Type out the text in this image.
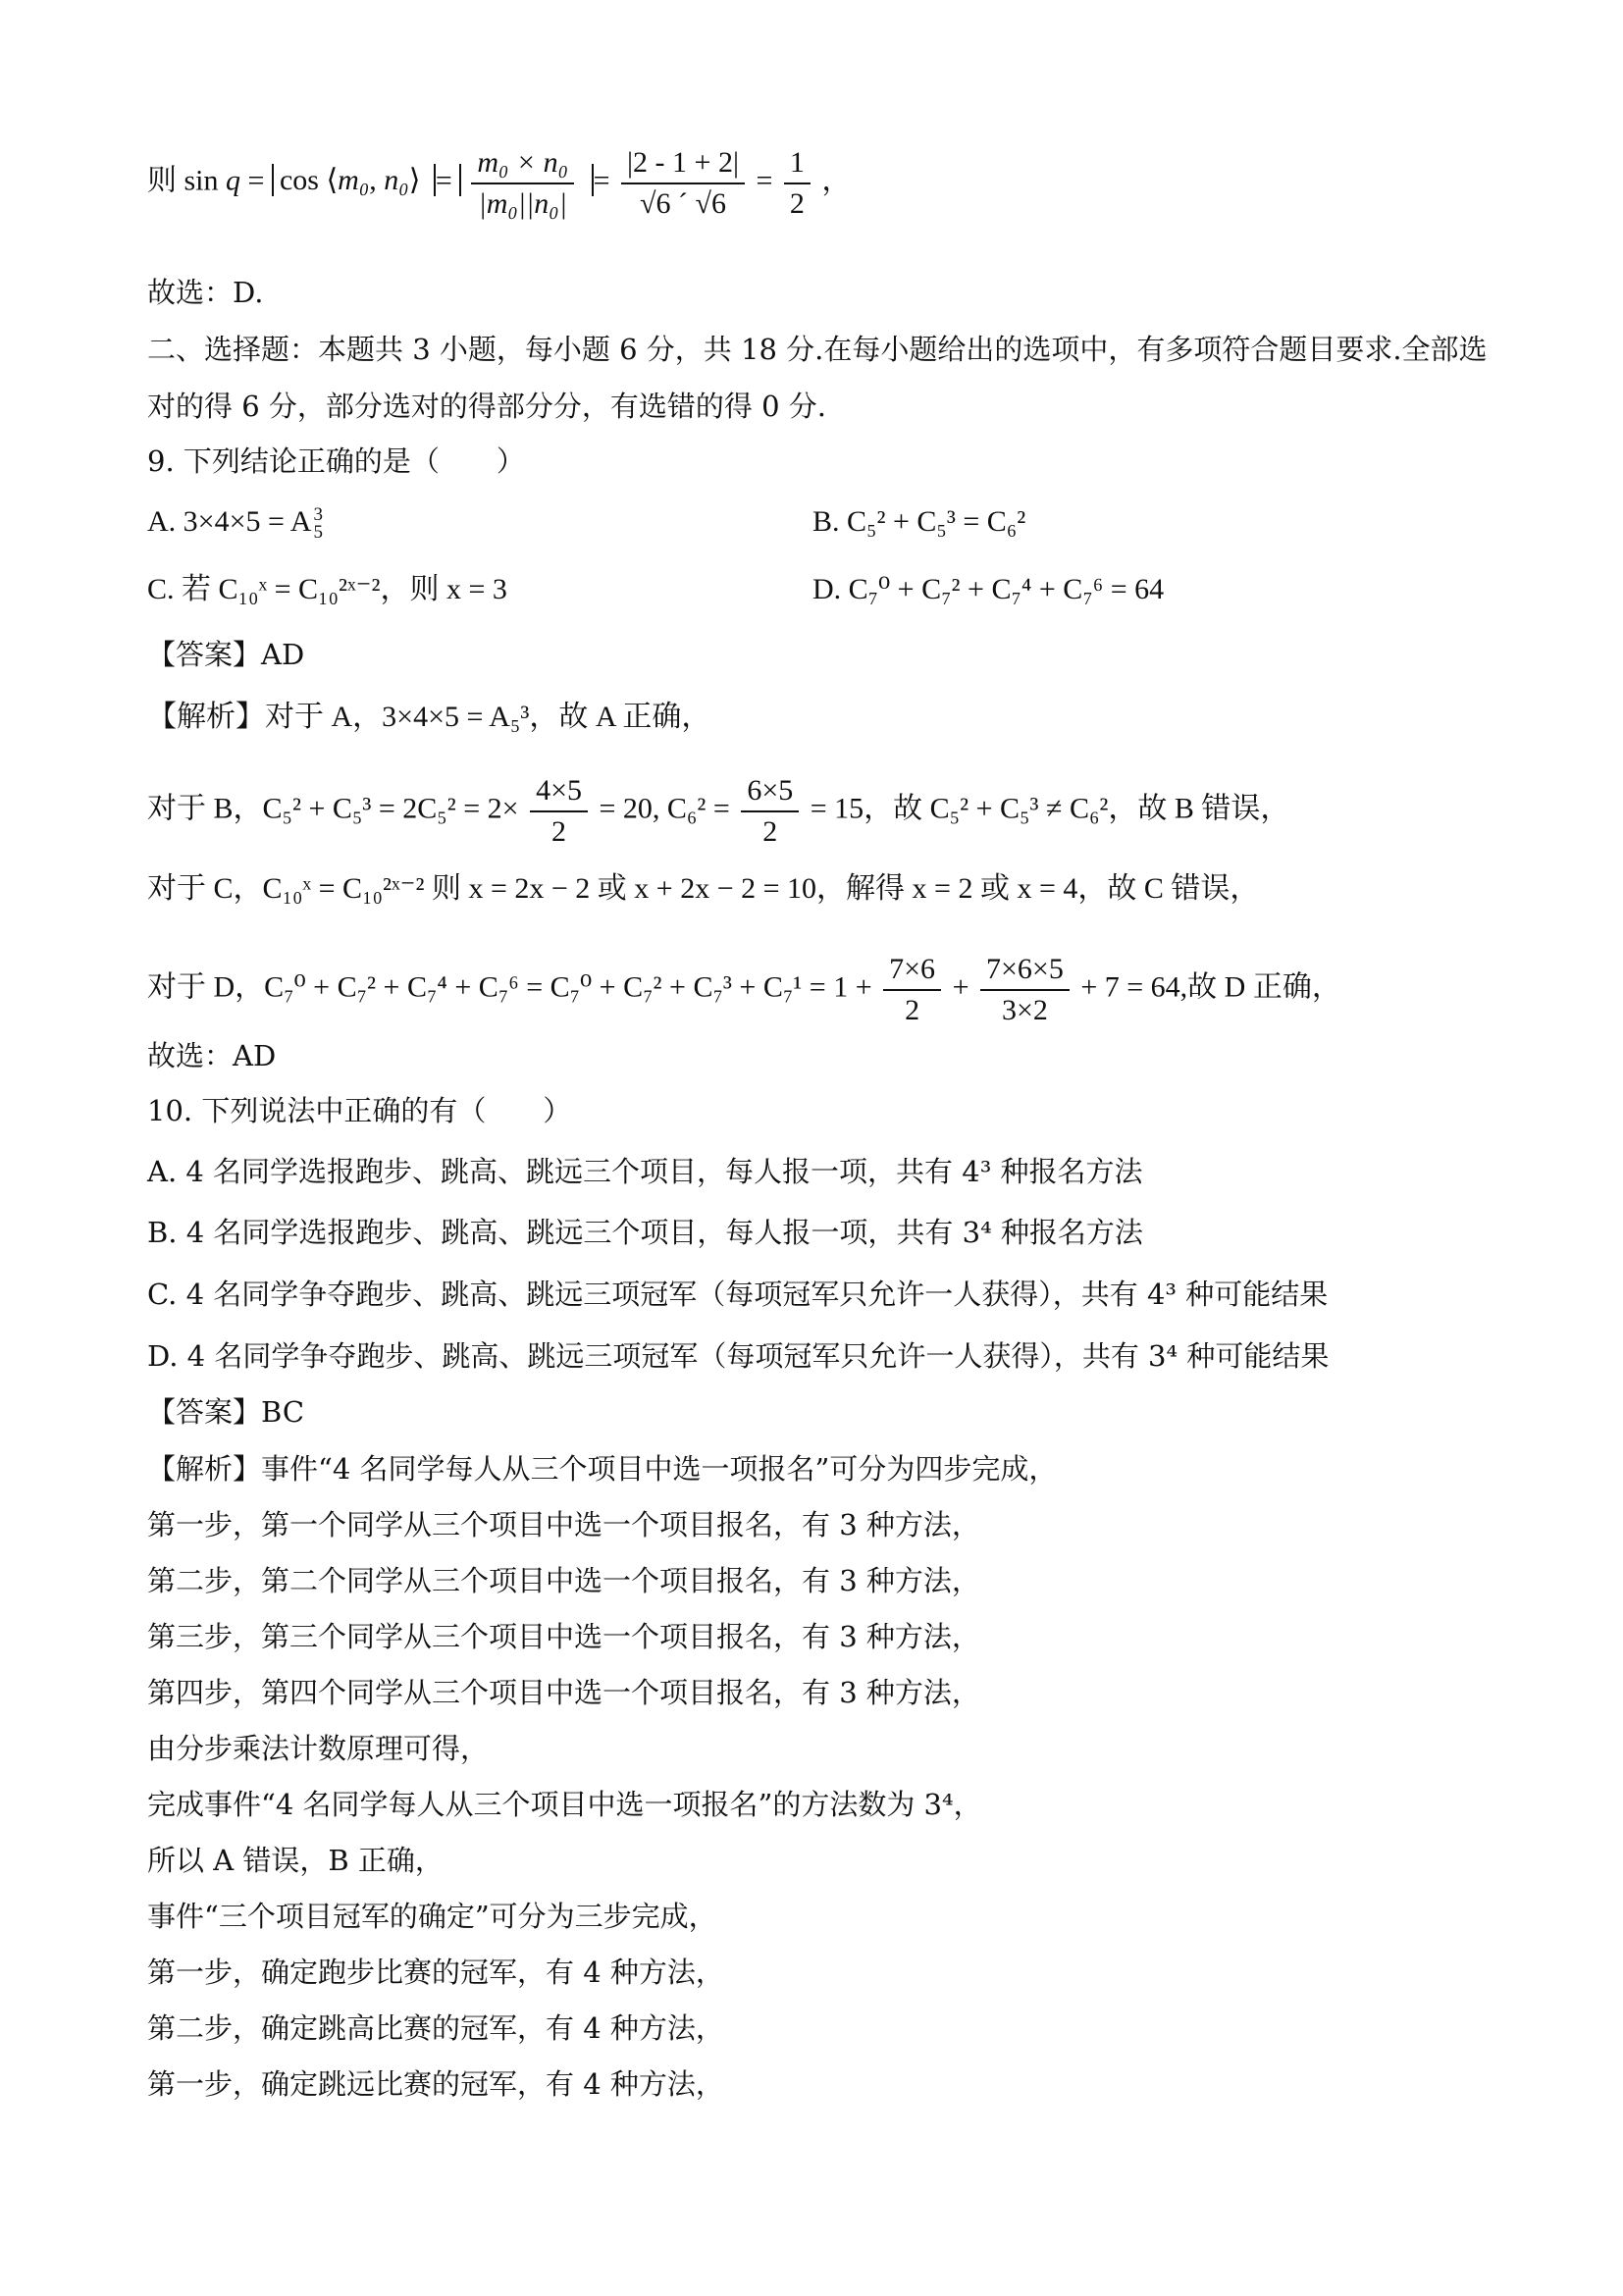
则 sin q = cos ⟨m₀, n₀⟩ = $\frac{\text{m₀ × n₀}}{\text{|m₀||n₀|}} = \frac{|2 - 1 + 2|}{√6 ´ √6} = \frac{1}{2}$ ，
故选：D.
二、选择题：本题共 3 小题，每小题 6 分，共 18 分.在每小题给出的选项中，有多项符合题目要求.全部选
对的得 6 分，部分选对的得部分分，有选错的得 0 分.
9. 下列结论正确的是（　　）
A. 3×4×5 = A 3
5	B. C₅² + C₅³ = C₆²
C. 若 C₁₀ˣ = C₁₀²ˣ⁻²，则 x = 3	D. C₇⁰ + C₇² + C₇⁴ + C₇⁶ = 64
【答案】AD
【解析】对于 A，3×4×5 = A₅³，故 A 正确，
对于 B，$C_5^2 + C_5^3 = 2C_5^2 = 2\times \frac{4\times 5}{2} = 20$, $C_6^2 = \frac{6\times 5}{2} = 15$，故 C₅² + C₅³ ≠ C₆²，故 B 错误，
对于 C，C₁₀ˣ = C₁₀²ˣ⁻² 则 x = 2x − 2 或 x + 2x − 2 = 10，解得 x = 2 或 x = 4，故 C 错误，
对于 D，$C_7^0 + C_7^2 + C_7^4 + C_7^6 = C_7^0 + C_7^2 + C_7^3 + C_7^1 = 1 + \frac{7\times 6}{2} + \frac{7\times 6\times 5}{3\times 2} + 7 = 64$,故 D 正确，
故选：AD
10. 下列说法中正确的有（　　）
A. 4 名同学选报跑步、跳高、跳远三个项目，每人报一项，共有 4³ 种报名方法
B. 4 名同学选报跑步、跳高、跳远三个项目，每人报一项，共有 3⁴ 种报名方法
C. 4 名同学争夺跑步、跳高、跳远三项冠军（每项冠军只允许一人获得），共有 4³ 种可能结果
D. 4 名同学争夺跑步、跳高、跳远三项冠军（每项冠军只允许一人获得），共有 3⁴ 种可能结果
【答案】BC
【解析】事件“4 名同学每人从三个项目中选一项报名”可分为四步完成，
第一步，第一个同学从三个项目中选一个项目报名，有 3 种方法，
第二步，第二个同学从三个项目中选一个项目报名，有 3 种方法，
第三步，第三个同学从三个项目中选一个项目报名，有 3 种方法，
第四步，第四个同学从三个项目中选一个项目报名，有 3 种方法，
由分步乘法计数原理可得，
完成事件“4 名同学每人从三个项目中选一项报名”的方法数为 3⁴，
所以 A 错误，B 正确，
事件“三个项目冠军的确定”可分为三步完成，
第一步，确定跑步比赛的冠军，有 4 种方法，
第二步，确定跳高比赛的冠军，有 4 种方法，
第一步，确定跳远比赛的冠军，有 4 种方法，
